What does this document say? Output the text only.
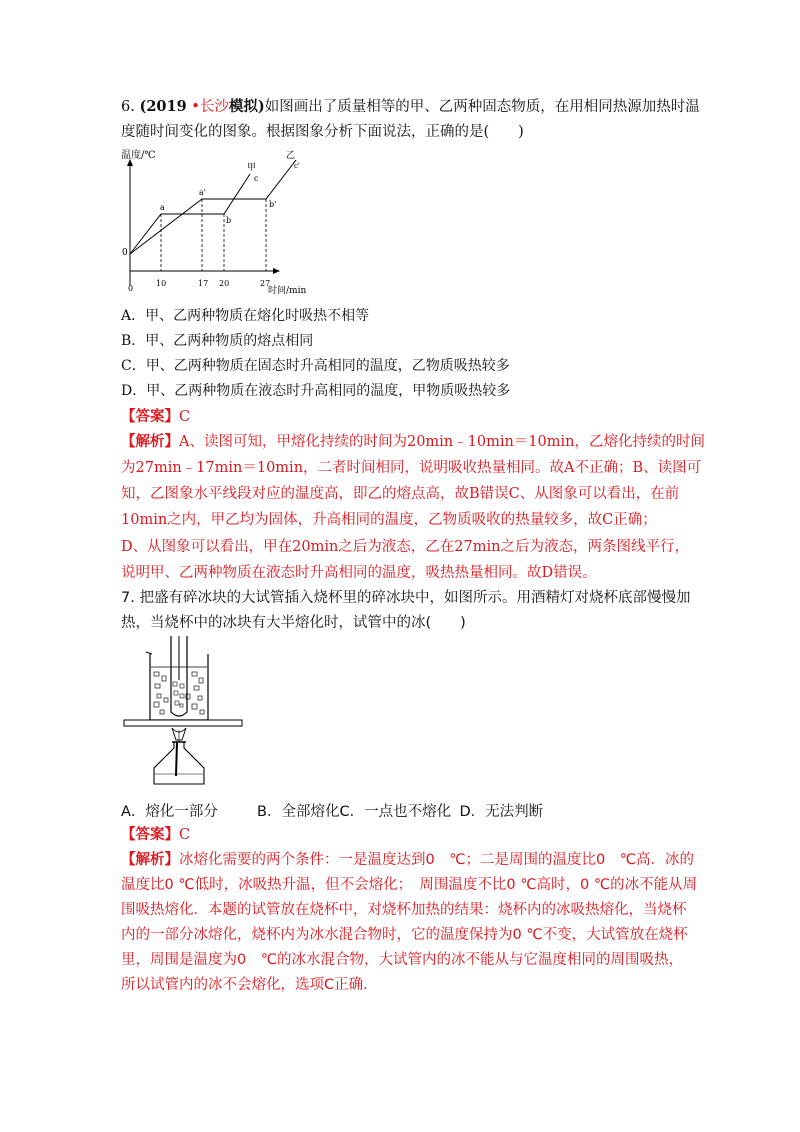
6. (2019 •长沙模拟)如图画出了质量相等的甲、乙两种固态物质，在用相同热源加热时温
度随时间变化的图象。根据图象分析下面说法，正确的是(　　)
温度/℃
时间/min
0
0
10	17 20	27
a
a'
b
b'
c
c'
甲
乙
A．甲、乙两种物质在熔化时吸热不相等
B．甲、乙两种物质的熔点相同
C．甲、乙两种物质在固态时升高相同的温度，乙物质吸热较多
D．甲、乙两种物质在液态时升高相同的温度，甲物质吸热较多
【答案】C
【解析】A、读图可知，甲熔化持续的时间为20min﹣10min＝10min，乙熔化持续的时间
为27min﹣17min＝10min，二者时间相同，说明吸收热量相同。故A不正确；B、读图可
知，乙图象水平线段对应的温度高，即乙的熔点高，故B错误C、从图象可以看出，在前
10min之内，甲乙均为固体，升高相同的温度，乙物质吸收的热量较多，故C正确；
D、从图象可以看出，甲在20min之后为液态，乙在27min之后为液态，两条图线平行，
说明甲、乙两种物质在液态时升高相同的温度，吸热热量相同。故D错误。
7. 把盛有碎冰块的大试管插入烧杯里的碎冰块中，如图所示。用酒精灯对烧杯底部慢慢加
热，当烧杯中的冰块有大半熔化时，试管中的冰(　　)
A．熔化一部分	B．全部熔化C．一点也不熔化 D．无法判断
【答案】C
【解析】冰熔化需要的两个条件：一是温度达到0　℃；二是周围的温度比0　℃高．冰的
温度比0 ℃低时，冰吸热升温，但不会熔化；　周围温度不比0 ℃高时，0 ℃的冰不能从周
围吸热熔化．本题的试管放在烧杯中，对烧杯加热的结果：烧杯内的冰吸热熔化，当烧杯
内的一部分冰熔化，烧杯内为冰水混合物时，它的温度保持为0 ℃不变，大试管放在烧杯
里，周围是温度为0　℃的冰水混合物，大试管内的冰不能从与它温度相同的周围吸热，
所以试管内的冰不会熔化，选项C正确．
